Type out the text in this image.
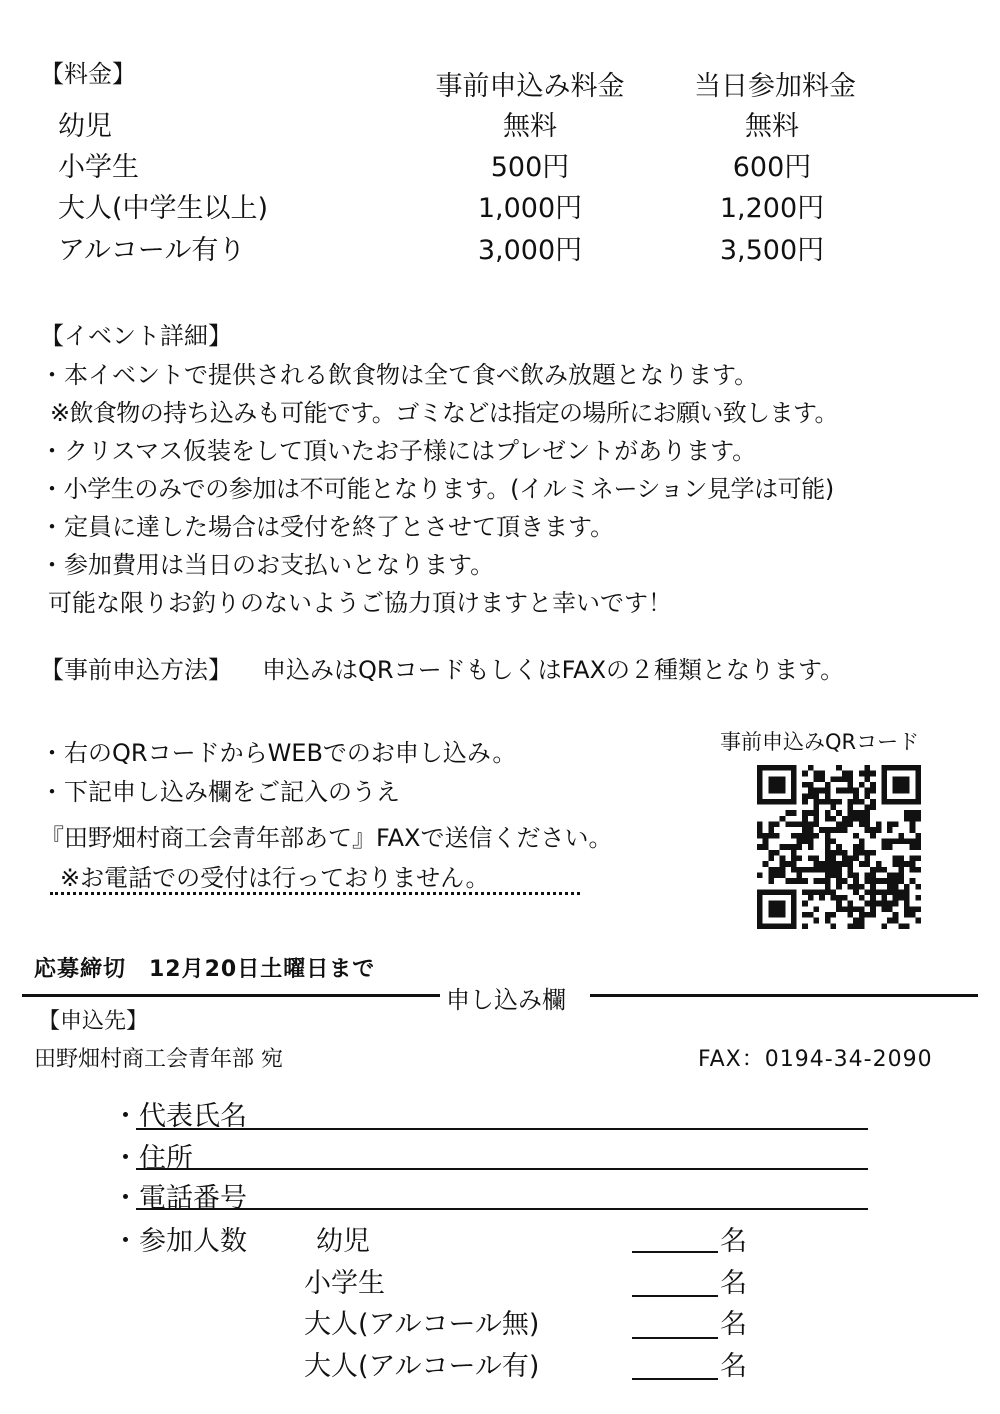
【料金】	事前申込み料金	当日参加料金
幼児	無料	無料
小学生	500円	600円
大人(中学生以上)	1,000円	1,200円
アルコール有り	3,000円	3,500円
【イベント詳細】
・本イベントで提供される飲食物は全て食べ飲み放題となります。
※飲食物の持ち込みも可能です。ゴミなどは指定の場所にお願い致します。
・クリスマス仮装をして頂いたお子様にはプレゼントがあります。
・小学生のみでの参加は不可能となります。(イルミネーション見学は可能)
・定員に達した場合は受付を終了とさせて頂きます。
・参加費用は当日のお支払いとなります。
可能な限りお釣りのないようご協力頂けますと幸いです！
【事前申込方法】 申込みはQRコードもしくはFAXの２種類となります。
・右のQRコードからWEBでのお申し込み。
・下記申し込み欄をご記入のうえ
『田野畑村商工会青年部あて』FAXで送信ください。
※お電話での受付は行っておりません。
事前申込みQRコード
応募締切　12月20日土曜日まで
申し込み欄
【申込先】
田野畑村商工会青年部 宛	FAX：0194-34-2090
・代表氏名
・住所
・電話番号
・参加人数	幼児	名
小学生	名
大人(アルコール無)	名
大人(アルコール有)	名
